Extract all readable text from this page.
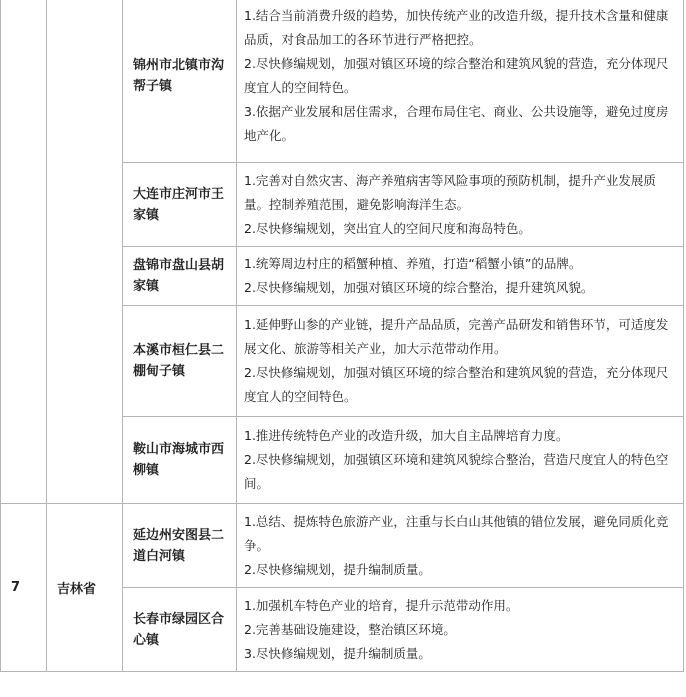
		锦州市北镇市沟帮子镇	1.结合当前消费升级的趋势，加快传统产业的改造升级，提升技术含量和健康品质，对食品加工的各环节进行严格把控。

2.尽快修编规划，加强对镇区环境的综合整治和建筑风貌的营造，充分体现尺度宜人的空间特色。

3.依据产业发展和居住需求，合理布局住宅、商业、公共设施等，避免过度房地产化。

		大连市庄河市王家镇	1.完善对自然灾害、海产养殖病害等风险事项的预防机制，提升产业发展质量。控制养殖范围，避免影响海洋生态。

2.尽快修编规划，突出宜人的空间尺度和海岛特色。

		盘锦市盘山县胡家镇	1.统筹周边村庄的稻蟹种植、养殖，打造“稻蟹小镇”的品牌。

2.尽快修编规划，加强对镇区环境的综合整治，提升建筑风貌。

		本溪市桓仁县二棚甸子镇	1.延伸野山参的产业链，提升产品品质，完善产品研发和销售环节，可适度发展文化、旅游等相关产业，加大示范带动作用。

2.尽快修编规划，加强对镇区环境的综合整治和建筑风貌的营造，充分体现尺度宜人的空间特色。

		鞍山市海城市西柳镇	1.推进传统特色产业的改造升级，加大自主品牌培育力度。

2.尽快修编规划，加强镇区环境和建筑风貌综合整治，营造尺度宜人的特色空间。

7	吉林省	延边州安图县二道白河镇	1.总结、提炼特色旅游产业，注重与长白山其他镇的错位发展，避免同质化竞争。

2.尽快修编规划，提升编制质量。

		长春市绿园区合心镇	1.加强机车特色产业的培育，提升示范带动作用。

2.完善基础设施建设，整治镇区环境。

3.尽快修编规划，提升编制质量。
